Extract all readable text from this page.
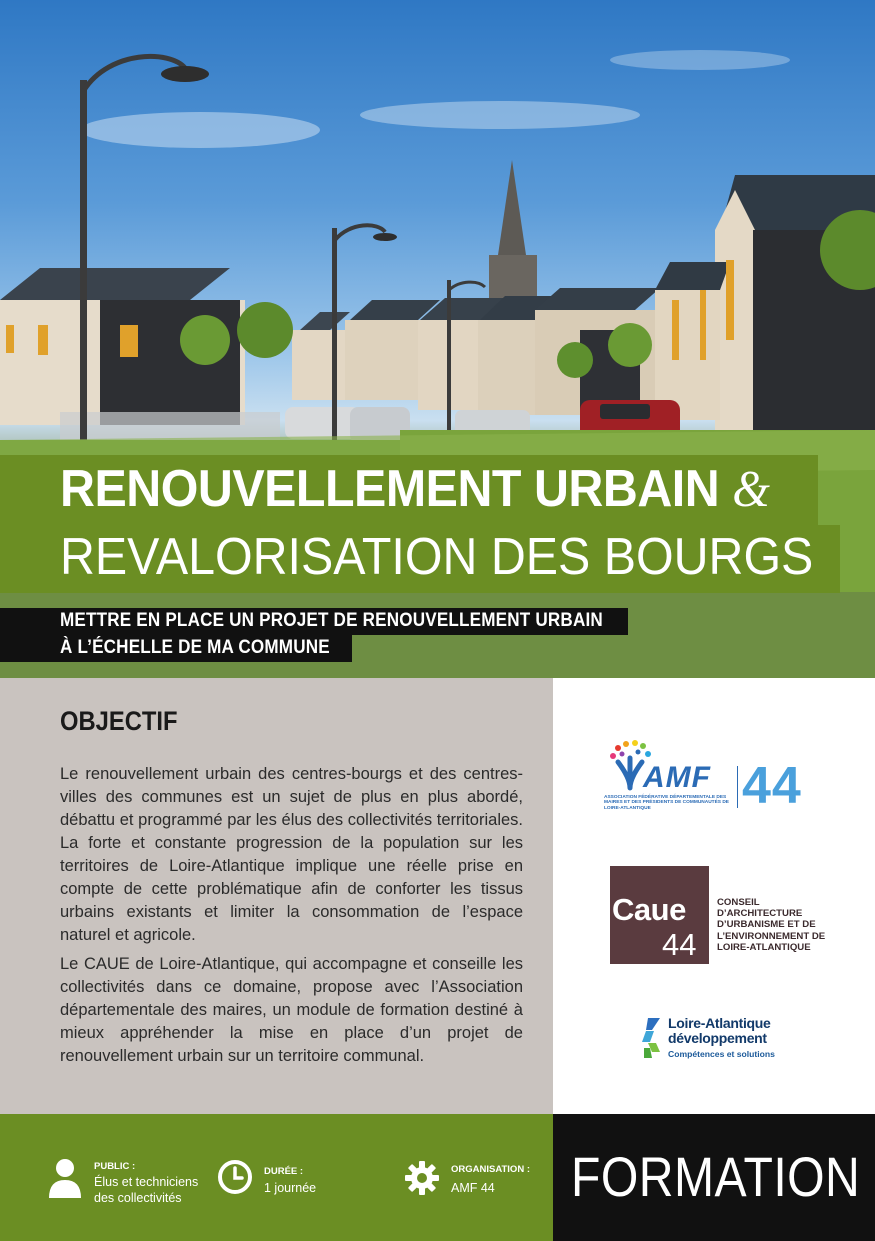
RENOUVELLEMENT URBAIN &
REVALORISATION DES BOURGS
METTRE EN PLACE UN PROJET DE RENOUVELLEMENT URBAIN
À L’ÉCHELLE DE MA COMMUNE
OBJECTIF

Le renouvellement urbain des centres-bourgs et des centres-villes des communes est un sujet de plus en plus abordé, débattu et programmé par les élus des collectivités territoriales. La forte et constante progression de la population sur les territoires de Loire-Atlantique implique une réelle prise en compte de cette problématique afin de conforter les tissus urbains existants et limiter la consommation de l’espace naturel et agricole.

Le CAUE de Loire-Atlantique, qui accompagne et conseille les collectivités dans ce domaine, propose avec l’Association départementale des maires, un module de formation destiné à mieux appréhender la mise en place d’un projet de renouvellement urbain sur un territoire communal.

AMF 44
ASSOCIATION FÉDÉRATIVE DÉPARTEMENTALE DES MAIRES ET DES PRÉSIDENTS DE COMMUNAUTÉS DE LOIRE-ATLANTIQUE
Caue
44
CONSEIL D’ARCHITECTURE D’URBANISME ET DE L’ENVIRONNEMENT DE LOIRE-ATLANTIQUE
Loire-Atlantique
développement
Compétences et solutions
PUBLIC :
Élus et techniciens
des collectivités
DURÉE :
1 journée
ORGANISATION :
AMF 44 FORMATION
